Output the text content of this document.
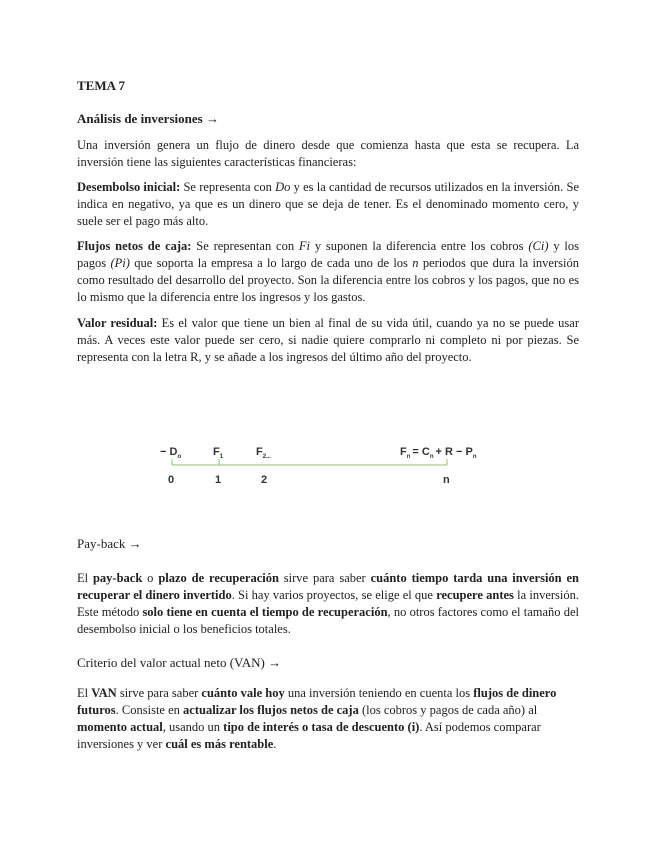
TEMA 7

Análisis de inversiones →

Una inversión genera un flujo de dinero desde que comienza hasta que esta se recupera. La inversión tiene las siguientes características financieras:

Desembolso inicial: Se representa con Do y es la cantidad de recursos utilizados en la inversión. Se indica en negativo, ya que es un dinero que se deja de tener. Es el denominado momento cero, y suele ser el pago más alto.

Flujos netos de caja: Se representan con Fi y suponen la diferencia entre los cobros (Ci) y los pagos (Pi) que soporta la empresa a lo largo de cada uno de los n periodos que dura la inversión como resultado del desarrollo del proyecto. Son la diferencia entre los cobros y los pagos, que no es lo mismo que la diferencia entre los ingresos y los gastos.

Valor residual: Es el valor que tiene un bien al final de su vida útil, cuando ya no se puede usar más. A veces este valor puede ser cero, si nadie quiere comprarlo ni completo ni por piezas. Se representa con la letra R, y se añade a los ingresos del último año del proyecto.

− $D_o$	$F_1$	$F_{2...}$	$F_n = C_n + R - P_n$
0	1	2	n

Pay-back →

El pay-back o plazo de recuperación sirve para saber cuánto tiempo tarda una inversión en recuperar el dinero invertido. Si hay varios proyectos, se elige el que recupere antes la inversión. Este método solo tiene en cuenta el tiempo de recuperación, no otros factores como el tamaño del desembolso inicial o los beneficios totales.

Criterio del valor actual neto (VAN) →

El VAN sirve para saber cuánto vale hoy una inversión teniendo en cuenta los flujos de dinero futuros. Consiste en actualizar los flujos netos de caja (los cobros y pagos de cada año) al momento actual, usando un tipo de interés o tasa de descuento (i). Así podemos comparar inversiones y ver cuál es más rentable.
